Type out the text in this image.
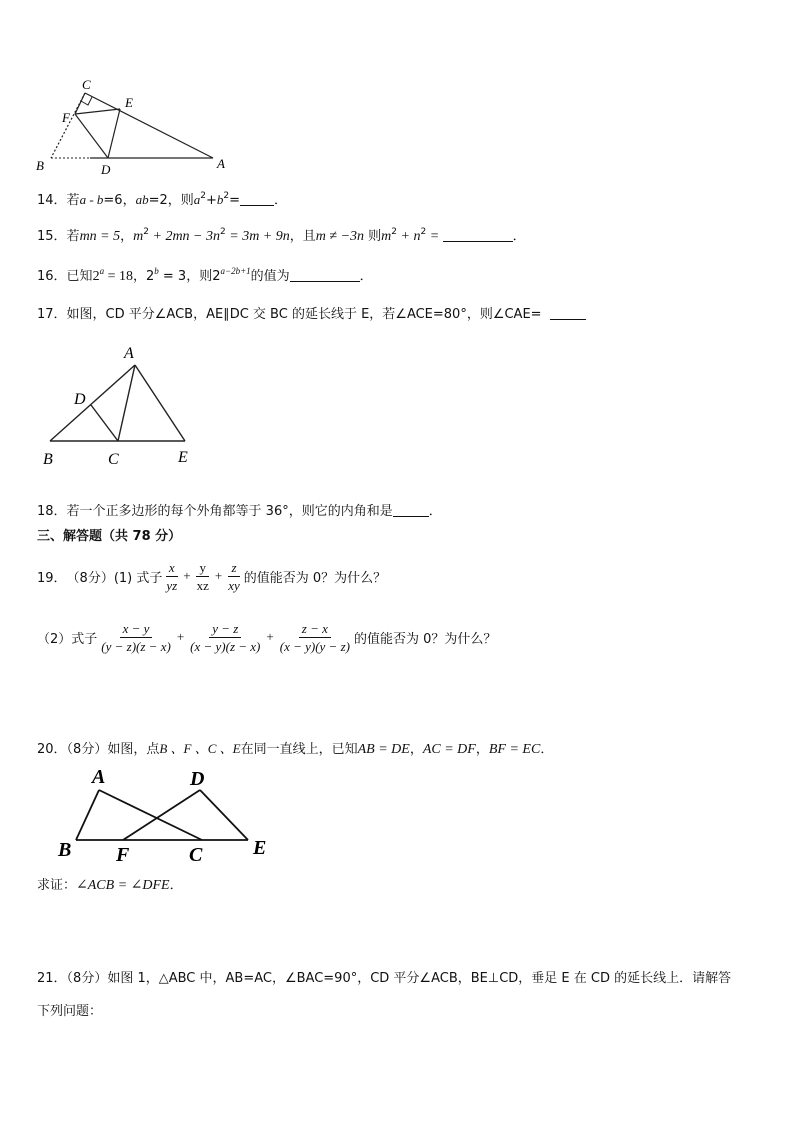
C
E
F
B	D	A
14．若a - b=6，ab=2，则$a^2+b^2=$	．
15．若mn = 5，$m^2 + 2mn - 3n^2 = 3m + 9n$，且m ≠ −3n 则$m^2 + n^2$ =	．
16．已知$2^a = 18$，$2^b = 3$，则$2^{a-2b+1}$的值为	．
17．如图，CD 平分∠ACB，AE∥DC 交 BC 的延长线于 E，若∠ACE=80°，则∠CAE=
A
D
B	C	E
18．若一个正多边形的每个外角都等于 36°，则它的内角和是	．
三、解答题（共 78 分）
19． （8分） (1) 式子 $\frac{x}{yz} + \frac{y}{xz} + \frac{z}{xy}$ 的值能否为 0？为什么？
（2）式子 $\frac{x - y}{(y - z)(z - x)} + \frac{y - z}{(x - y)(z - x)} + \frac{z - x}{(x - y)(y - z)}$ 的值能否为 0？为什么？
20．（8分）如图，点B 、F 、C 、E在同一直线上，已知AB = DE，AC = DF，BF = EC．
A	D
B F	C	E
求证：∠ACB = ∠DFE．
21．（8分）如图 1，△ABC 中，AB=AC，∠BAC=90°，CD 平分∠ACB，BE⊥CD，垂足 E 在 CD 的延长线上．请解答
下列问题：
